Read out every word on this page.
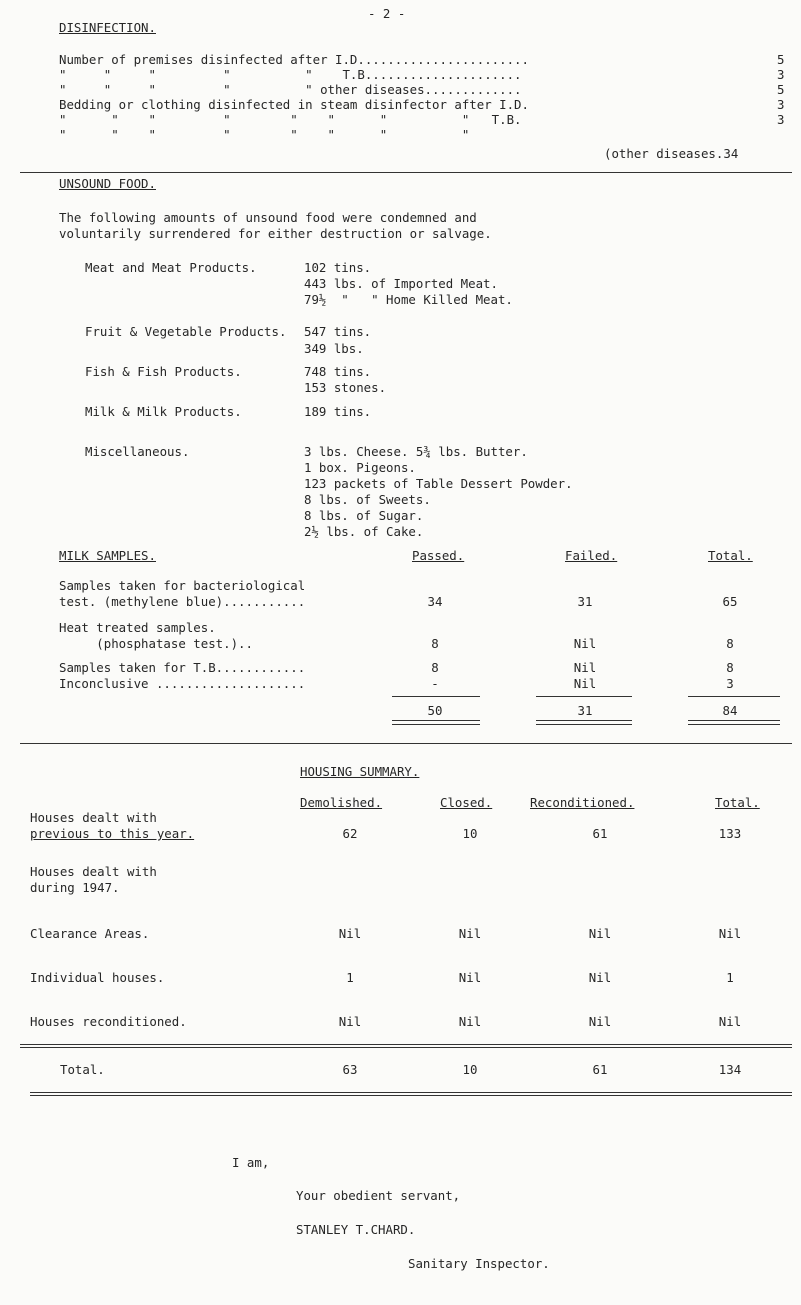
- 2 -
DISINFECTION.
Number of premises disinfected after I.D.......................	5
"     "     "         "          "    T.B.....................	3
"     "     "         "          " other diseases.............	5
Bedding or clothing disinfected in steam disinfector after I.D.	3
"      "    "         "        "    "      "          "   T.B.	3
"      "    "         "        "    "      "          "
(other diseases.34
UNSOUND FOOD.
The following amounts of unsound food were condemned and
voluntarily surrendered for either destruction or salvage.
Meat and Meat Products.	102 tins.
443 lbs. of Imported Meat.
79½  "   " Home Killed Meat.
Fruit & Vegetable Products. 547 tins.
349 lbs.
Fish & Fish Products.	748 tins.
153 stones.
Milk & Milk Products.	189 tins.
Miscellaneous.	3 lbs. Cheese. 5¾ lbs. Butter.
1 box. Pigeons.
123 packets of Table Dessert Powder.
8 lbs. of Sweets.
8 lbs. of Sugar.
2½ lbs. of Cake.
MILK SAMPLES.	Passed.	Failed.	Total.
Samples taken for bacteriological
test. (methylene blue)...........	34	31	65
Heat treated samples.
(phosphatase test.)..	8	Nil	8
Samples taken for T.B............	8	Nil	8
Inconclusive ....................	-	Nil	3
50	31	84
HOUSING SUMMARY.
Demolished.	Closed.	Reconditioned.	Total.
Houses dealt with
previous to this year.	62	10	61	133
Houses dealt with
during 1947.
Clearance Areas.	Nil	Nil	Nil	Nil
Individual houses.	1	Nil	Nil	1
Houses reconditioned.	Nil	Nil	Nil	Nil
Total.	63	10	61	134
I am,
Your obedient servant,
STANLEY T.CHARD.
Sanitary Inspector.
